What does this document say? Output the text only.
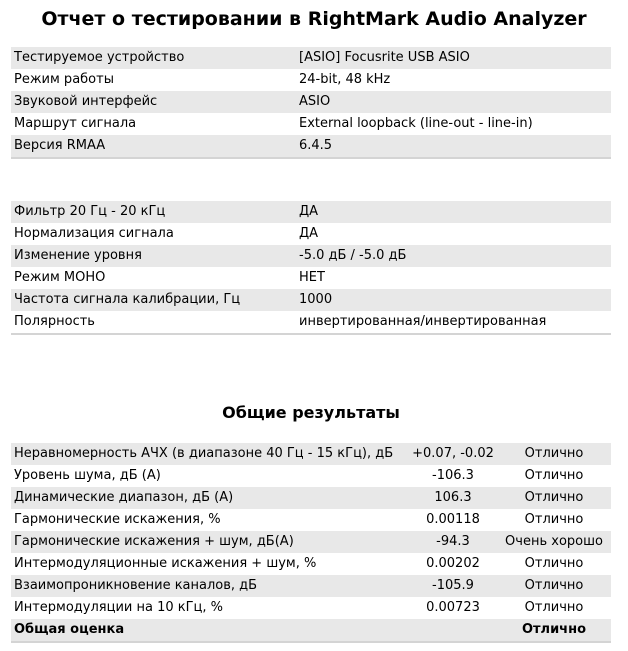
Отчет о тестировании в RightMark Audio Analyzer
Тестируемое устройство	[ASIO] Focusrite USB ASIO
Режим работы	24-bit, 48 kHz
Звуковой интерфейс	ASIO
Маршрут сигнала	External loopback (line-out - line-in)
Версия RMAA	6.4.5
Фильтр 20 Гц - 20 кГц	ДА
Нормализация сигнала	ДА
Изменение уровня	-5.0 дБ / -5.0 дБ
Режим МОНО	НЕТ
Частота сигнала калибрации, Гц	1000
Полярность	инвертированная/инвертированная
Общие результаты
Неравномерность АЧХ (в диапазоне 40 Гц - 15 кГц), дБ	+0.07, -0.02	Отлично
Уровень шума, дБ (А)	-106.3	Отлично
Динамические диапазон, дБ (А)	106.3	Отлично
Гармонические искажения, %	0.00118	Отлично
Гармонические искажения + шум, дБ(А)	-94.3	Очень хорошо
Интермодуляционные искажения + шум, %	0.00202	Отлично
Взаимопроникновение каналов, дБ	-105.9	Отлично
Интермодуляции на 10 кГц, %	0.00723	Отлично
Общая оценка		Отлично
